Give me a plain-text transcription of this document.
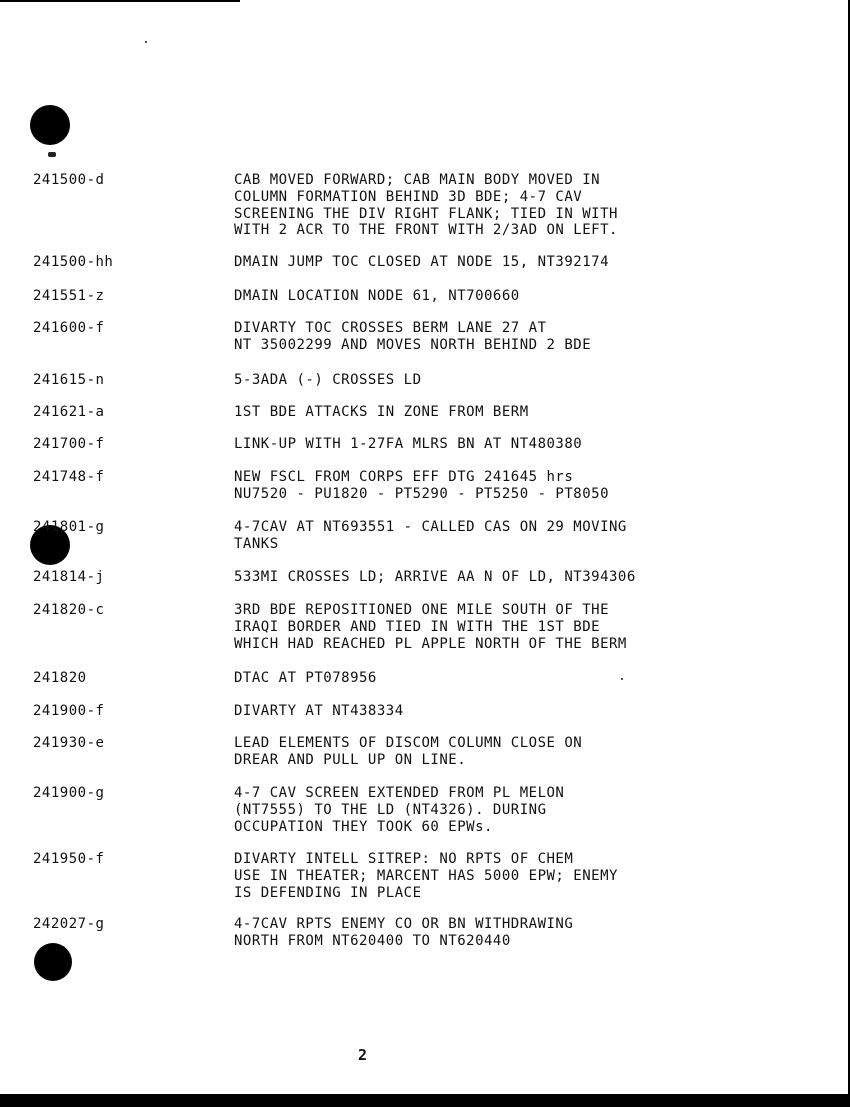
241500-d	CAB MOVED FORWARD; CAB MAIN BODY MOVED IN
COLUMN FORMATION BEHIND 3D BDE; 4-7 CAV
SCREENING THE DIV RIGHT FLANK; TIED IN WITH
WITH 2 ACR TO THE FRONT WITH 2/3AD ON LEFT.
241500-hh	DMAIN JUMP TOC CLOSED AT NODE 15, NT392174
241551-z	DMAIN LOCATION NODE 61, NT700660
241600-f	DIVARTY TOC CROSSES BERM LANE 27 AT
NT 35002299 AND MOVES NORTH BEHIND 2 BDE
241615-n	5-3ADA (-) CROSSES LD
241621-a	1ST BDE ATTACKS IN ZONE FROM BERM
241700-f	LINK-UP WITH 1-27FA MLRS BN AT NT480380
241748-f	NEW FSCL FROM CORPS EFF DTG 241645 hrs
NU7520 - PU1820 - PT5290 - PT5250 - PT8050
241801-g	4-7CAV AT NT693551 - CALLED CAS ON 29 MOVING
TANKS
241814-j	533MI CROSSES LD; ARRIVE AA N OF LD, NT394306
241820-c	3RD BDE REPOSITIONED ONE MILE SOUTH OF THE
IRAQI BORDER AND TIED IN WITH THE 1ST BDE
WHICH HAD REACHED PL APPLE NORTH OF THE BERM
241820	DTAC AT PT078956
241900-f	DIVARTY AT NT438334
241930-e	LEAD ELEMENTS OF DISCOM COLUMN CLOSE ON
DREAR AND PULL UP ON LINE.
241900-g	4-7 CAV SCREEN EXTENDED FROM PL MELON
(NT7555) TO THE LD (NT4326). DURING
OCCUPATION THEY TOOK 60 EPWs.
241950-f	DIVARTY INTELL SITREP: NO RPTS OF CHEM
USE IN THEATER; MARCENT HAS 5000 EPW; ENEMY
IS DEFENDING IN PLACE
242027-g	4-7CAV RPTS ENEMY CO OR BN WITHDRAWING
NORTH FROM NT620400 TO NT620440
2
